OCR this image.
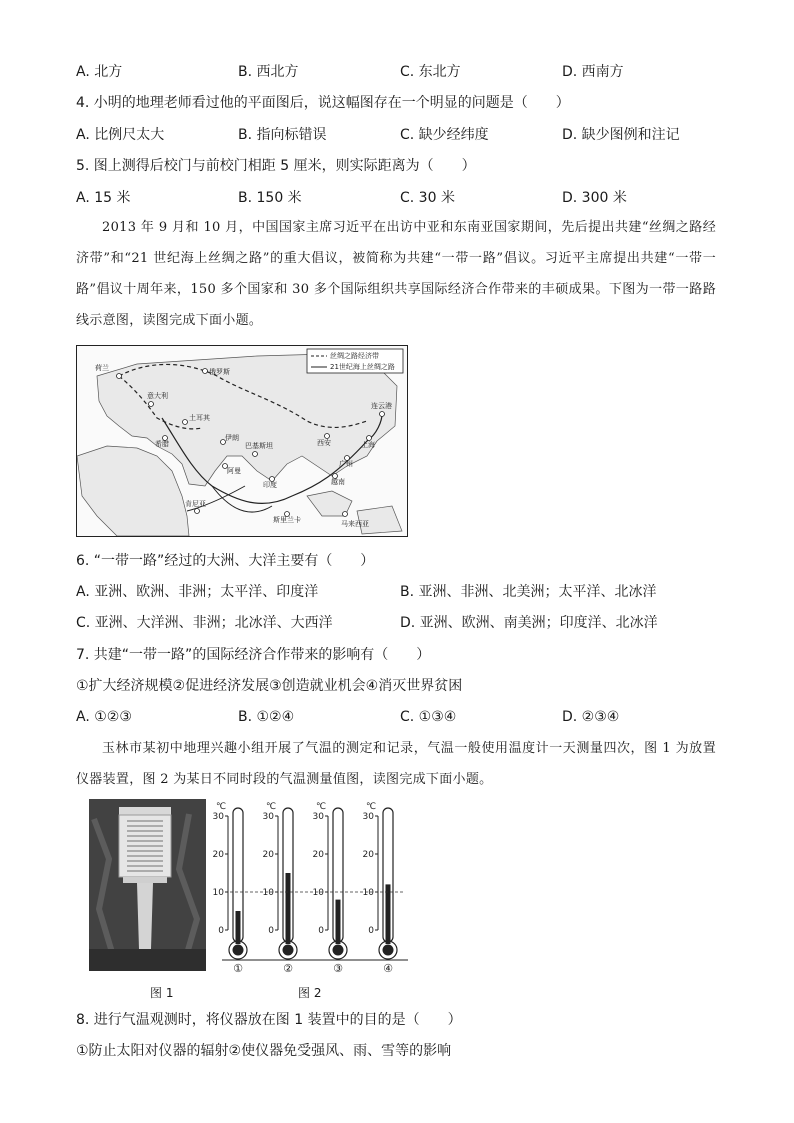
A. 北方	B. 西北方	C. 东北方	D. 西南方
4. 小明的地理老师看过他的平面图后，说这幅图存在一个明显的问题是（　　）
A. 比例尺太大	B. 指向标错误	C. 缺少经纬度	D. 缺少图例和注记
5. 图上测得后校门与前校门相距 5 厘米，则实际距离为（　　）
A. 15 米	B. 150 米	C. 30 米	D. 300 米
2013 年 9 月和 10 月，中国国家主席习近平在出访中亚和东南亚国家期间，先后提出共建“丝绸之路经济带”和“21 世纪海上丝绸之路”的重大倡议，被简称为共建“一带一路”倡议。习近平主席提出共建“一带一路”倡议十周年来，150 多个国家和 30 多个国际组织共享国际经济合作带来的丰硕成果。下图为一带一路路线示意图，读图完成下面小题。
丝绸之路经济带
21世纪海上丝绸之路
荷兰	俄罗斯
意大利
土耳其
希腊
伊朗
巴基斯坦
阿曼
印度
斯里兰卡
肯尼亚
西安	上海
广州
越南
马来西亚
连云港
6. “一带一路”经过的大洲、大洋主要有（　　）
A. 亚洲、欧洲、非洲；太平洋、印度洋	B. 亚洲、非洲、北美洲；太平洋、北冰洋
C. 亚洲、大洋洲、非洲；北冰洋、大西洋	D. 亚洲、欧洲、南美洲；印度洋、北冰洋
7. 共建“一带一路”的国际经济合作带来的影响有（　　）
①扩大经济规模②促进经济发展③创造就业机会④消灭世界贫困
A. ①②③	B. ①②④	C. ①③④	D. ②③④
玉林市某初中地理兴趣小组开展了气温的测定和记录，气温一般使用温度计一天测量四次，图 1 为放置仪器装置，图 2 为某日不同时段的气温测量值图，读图完成下面小题。
℃
30
20
10
0
①
℃
30
20
10
0
②
℃
30
20
10
0
③
℃
30
20
10
0
④
图 1	图 2
8. 进行气温观测时，将仪器放在图 1 装置中的目的是（　　）
①防止太阳对仪器的辐射②使仪器免受强风、雨、雪等的影响
